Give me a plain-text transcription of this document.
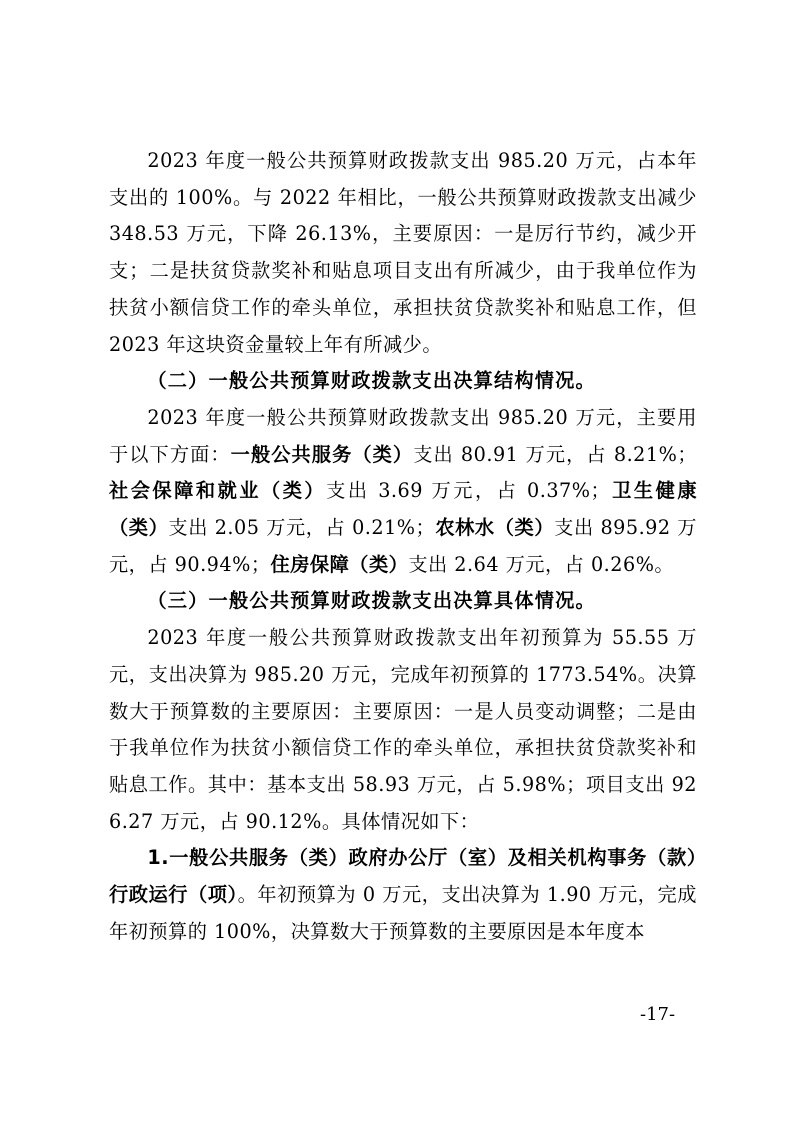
2023 年度一般公共预算财政拨款支出 985.20 万元，占本年支出的 100%。与 2022 年相比，一般公共预算财政拨款支出减少 348.53 万元，下降 26.13%，主要原因：一是厉行节约，减少开支；二是扶贫贷款奖补和贴息项目支出有所减少，由于我单位作为扶贫小额信贷工作的牵头单位，承担扶贫贷款奖补和贴息工作，但 2023 年这块资金量较上年有所减少。

（二）一般公共预算财政拨款支出决算结构情况。

2023 年度一般公共预算财政拨款支出 985.20 万元，主要用于以下方面：一般公共服务（类）支出 80.91 万元，占 8.21%；社会保障和就业（类）支出 3.69 万元，占 0.37%；卫生健康（类）支出 2.05 万元，占 0.21%；农林水（类）支出 895.92 万元，占 90.94%；住房保障（类）支出 2.64 万元，占 0.26%。

（三）一般公共预算财政拨款支出决算具体情况。

2023 年度一般公共预算财政拨款支出年初预算为 55.55 万元，支出决算为 985.20 万元，完成年初预算的 1773.54%。决算数大于预算数的主要原因：主要原因：一是人员变动调整；二是由于我单位作为扶贫小额信贷工作的牵头单位，承担扶贫贷款奖补和贴息工作。其中：基本支出 58.93 万元，占 5.98%；项目支出 926.27 万元，占 90.12%。具体情况如下：

1.一般公共服务（类）政府办公厅（室）及相关机构事务（款）行政运行（项）。年初预算为 0 万元，支出决算为 1.90 万元，完成年初预算的 100%，决算数大于预算数的主要原因是本年度本

-17-
